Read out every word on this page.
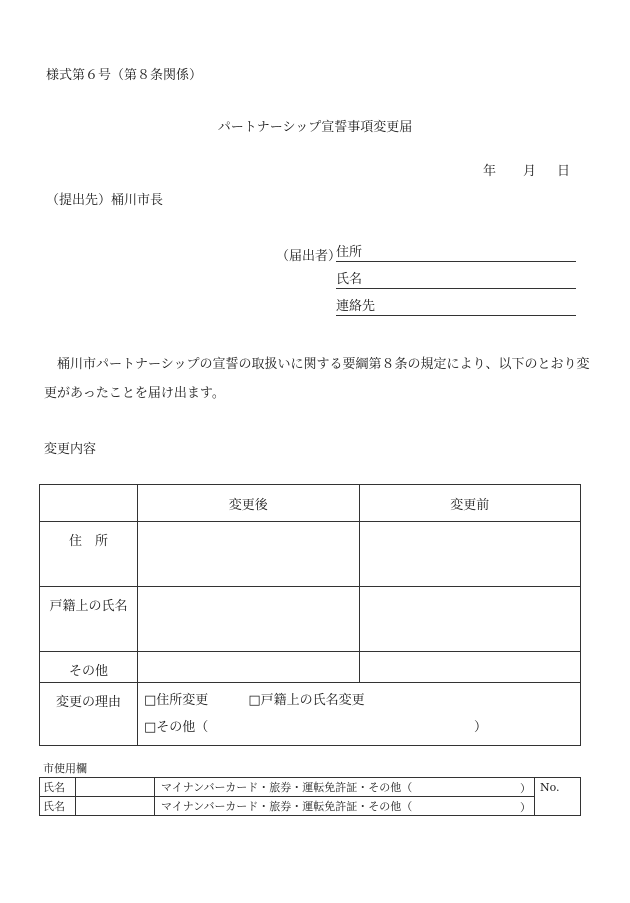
様式第６号（第８条関係）
パートナーシップ宣誓事項変更届
年 月 日
（提出先）桶川市長
（届出者）
住所
氏名
連絡先
桶川市パートナーシップの宣誓の取扱いに関する要綱第８条の規定により、以下のとおり変更があったことを届け出ます。
変更内容
	変更後	変更前
住　所		
戸籍上の氏名		
その他		
変更の理由	□住所変更 □戸籍上の氏名変更
□その他（ ）	
市使用欄
氏名		マイナンバーカード・旅券・運転免許証・その他（ ）	No.
氏名		マイナンバーカード・旅券・運転免許証・その他（ ）	
